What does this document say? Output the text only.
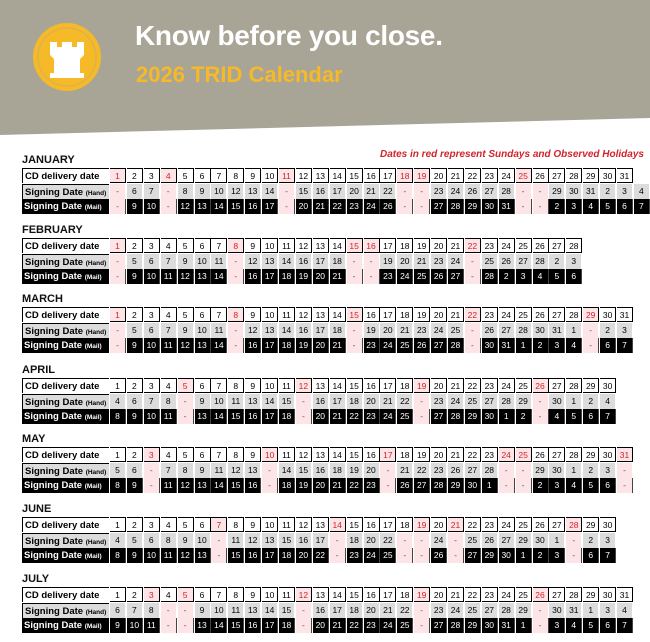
Know before you close.
2026 TRID Calendar
Dates in red represent Sundays and Observed Holidays
JANUARY
CD delivery date	1	2	3	4	5	6	7	8	9	10 11 12 13 14 15 16 17 18 19 20 21 22 23 24 25 26 27 28 29 30 31
Signing Date (Hand)	-	6	7	-	8	9	10 12 13 14	-	15 16 17 20 21 22	-	-	23 24 26 27 28	-	-	29 30 31	2	3	4
Signing Date (Mail)	-	9	10	-	12 13 14 15 16 17	-	20 21 22 23 24 26	-	-	27 28 29 30 31	-	-	2	3	4	5	6	7
FEBRUARY
CD delivery date	1	2	3	4	5	6	7	8	9	10 11 12 13 14 15 16 17 18 19 20 21 22 23 24 25 26 27 28
Signing Date (Hand)	-	5	6	7	9	10 11	-	12 13 14 16 17 18	-	-	19 20 21 23 24	-	25 26 27 28	2	3
Signing Date (Mail)	-	9	10 11 12 13 14	-	16 17 18 19 20 21	-	-	23 24 25 26 27	-	28	2	3	4	5	6
MARCH
CD delivery date	1	2	3	4	5	6	7	8	9	10 11 12 13 14 15 16 17 18 19 20 21 22 23 24 25 26 27 28 29 30 31
Signing Date (Hand)	-	5	6	7	9	10 11	-	12 13 14 16 17 18	-	19 20 21 23 24 25	-	26 27 28 30 31	1	-	2	3
Signing Date (Mail)	-	9	10 11 12 13 14	-	16 17 18 19 20 21	-	23 24 25 26 27 28	-	30 31	1	2	3	4	-	6	7
APRIL
CD delivery date	1	2	3	4	5	6	7	8	9	10 11 12 13 14 15 16 17 18 19 20 21 22 23 24 25 26 27 28 29 30
Signing Date (Hand)	4	6	7	8	-	9	10 11 13 14 15	-	16 17 18 20 21 22	-	23 24 25 27 28 29	-	30	1	2	4
Signing Date (Mail)	8	9	10 11	-	13 14 15 16 17 18	-	20 21 22 23 24 25	-	27 28 29 30	1	2	-	4	5	6	7
MAY
CD delivery date	1	2	3	4	5	6	7	8	9	10 11 12 13 14 15 16 17 18 19 20 21 22 23 24 25 26 27 28 29 30 31
Signing Date (Hand)	5	6	-	7	8	9	11 12 13	-	14 15 16 18 19 20	-	21 22 23 26 27 28	-	-	29 30	1	2	3	-
Signing Date (Mail)	8	9	-	11 12 13 14 15 16	-	18 19 20 21 22 23	-	26 27 28 29 30	1	-	-	2	3	4	5	6	-
JUNE
CD delivery date	1	2	3	4	5	6	7	8	9	10 11 12 13 14 15 16 17 18 19 20 21 22 23 24 25 26 27 28 29 30
Signing Date (Hand)	4	5	6	8	9	10	-	11 12 13 15 16 17	-	18 20 22	-	-	24	-	25 26 27 29 30	1	-	2	3
Signing Date (Mail)	8	9	10 11 12 13	-	15 16 17 18 20 22	-	23 24 25	-	-	26	-	27 29 30	1	2	3	-	6	7
JULY
CD delivery date	1	2	3	4	5	6	7	8	9	10 11 12 13 14 15 16 17 18 19 20 21 22 23 24 25 26 27 28 29 30 31
Signing Date (Hand)	6	7	8	-	-	9	10 11 13 14 15	-	16 17 18 20 21 22	-	23 24 25 27 28 29	-	30 31	1	3	4
Signing Date (Mail)	9	10 11	-	-	13 14 15 16 17 18	-	20 21 22 23 24 25	-	27 28 29 30 31	1	-	3	4	5	6	7
